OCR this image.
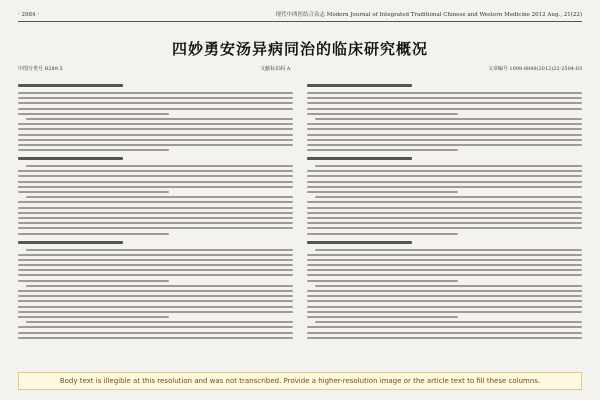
· 2984 ·	现代中西医结合杂志 Modern Journal of Integrated Traditional Chinese and Western Medicine 2012 Aug., 21(22)
四妙勇安汤异病同治的临床研究概况
中图分类号 R289.5	文献标识码 A	文章编号 1008-8849(2012)22-2504-03
Body text is illegible at this resolution and was not transcribed. Provide a higher-resolution image or the article text to fill these columns.
